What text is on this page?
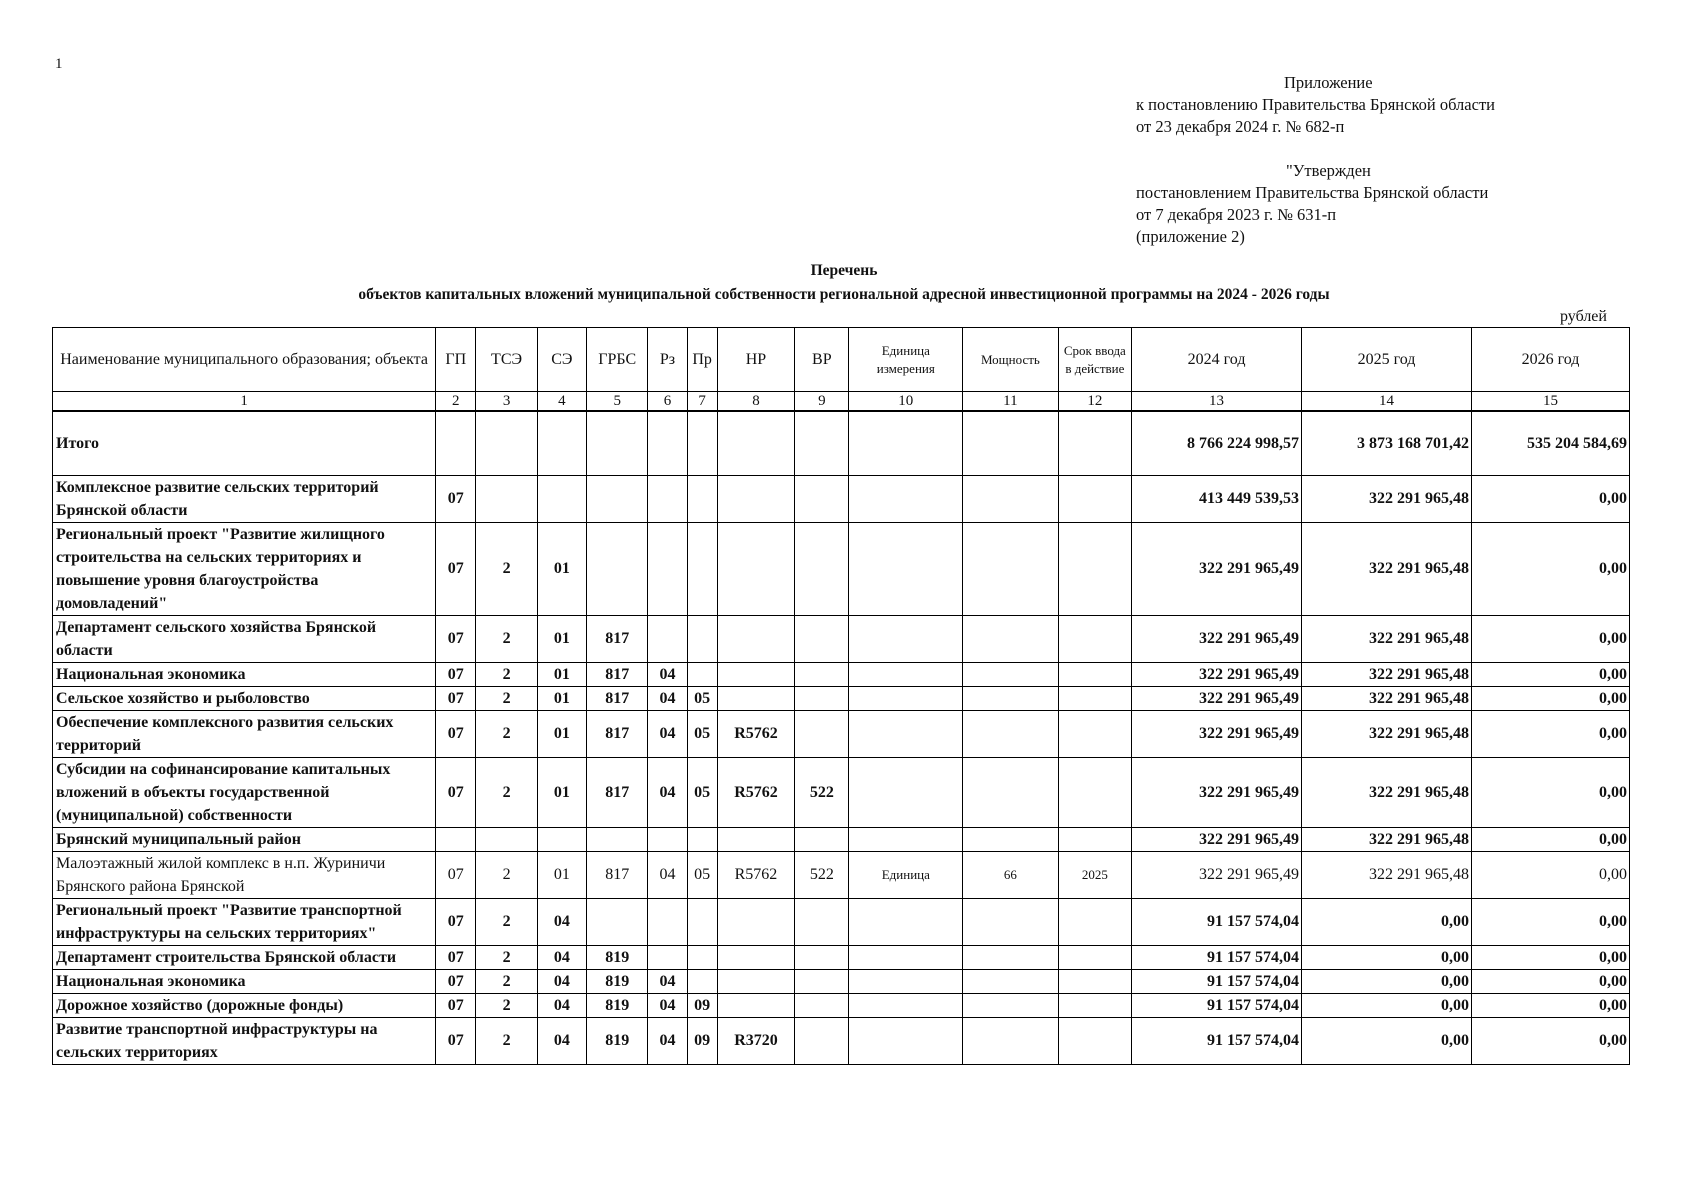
1
Приложение
к постановлению Правительства Брянской области
от 23 декабря 2024 г. № 682-п
"Утвержден
постановлением Правительства Брянской области
от 7 декабря 2023 г. № 631-п
(приложение 2)
Перечень
объектов капитальных вложений муниципальной собственности региональной адресной инвестиционной программы на 2024 - 2026 годы
рублей
Наименование муниципального образования; объекта	ГП	ТСЭ	СЭ	ГРБС	Рз	Пр	НР	ВР	Единица измерения	Мощность	Срок ввода в действие	2024 год	2025 год	2026 год
1	2	3	4	5	6	7	8	9	10	11	12	13	14	15
Итого												8 766 224 998,57	3 873 168 701,42	535 204 584,69
Комплексное развитие сельских территорий Брянской области	07											413 449 539,53	322 291 965,48	0,00
Региональный проект "Развитие жилищного строительства на сельских территориях и повышение уровня благоустройства домовладений"	07	2	01									322 291 965,49	322 291 965,48	0,00
Департамент сельского хозяйства Брянской области	07	2	01	817								322 291 965,49	322 291 965,48	0,00
Национальная экономика	07	2	01	817	04							322 291 965,49	322 291 965,48	0,00
Сельское хозяйство и рыболовство	07	2	01	817	04	05						322 291 965,49	322 291 965,48	0,00
Обеспечение комплексного развития сельских территорий	07	2	01	817	04	05	R5762					322 291 965,49	322 291 965,48	0,00
Субсидии на софинансирование капитальных вложений в объекты государственной (муниципальной) собственности	07	2	01	817	04	05	R5762	522				322 291 965,49	322 291 965,48	0,00
Брянский муниципальный район												322 291 965,49	322 291 965,48	0,00
Малоэтажный жилой комплекс в н.п. Журиничи Брянского района Брянской	07	2	01	817	04	05	R5762	522	Единица	66	2025	322 291 965,49	322 291 965,48	0,00
Региональный проект "Развитие транспортной инфраструктуры на сельских территориях"	07	2	04									91 157 574,04	0,00	0,00
Департамент строительства Брянской области	07	2	04	819								91 157 574,04	0,00	0,00
Национальная экономика	07	2	04	819	04							91 157 574,04	0,00	0,00
Дорожное хозяйство (дорожные фонды)	07	2	04	819	04	09						91 157 574,04	0,00	0,00
Развитие транспортной инфраструктуры на сельских территориях	07	2	04	819	04	09	R3720					91 157 574,04	0,00	0,00
